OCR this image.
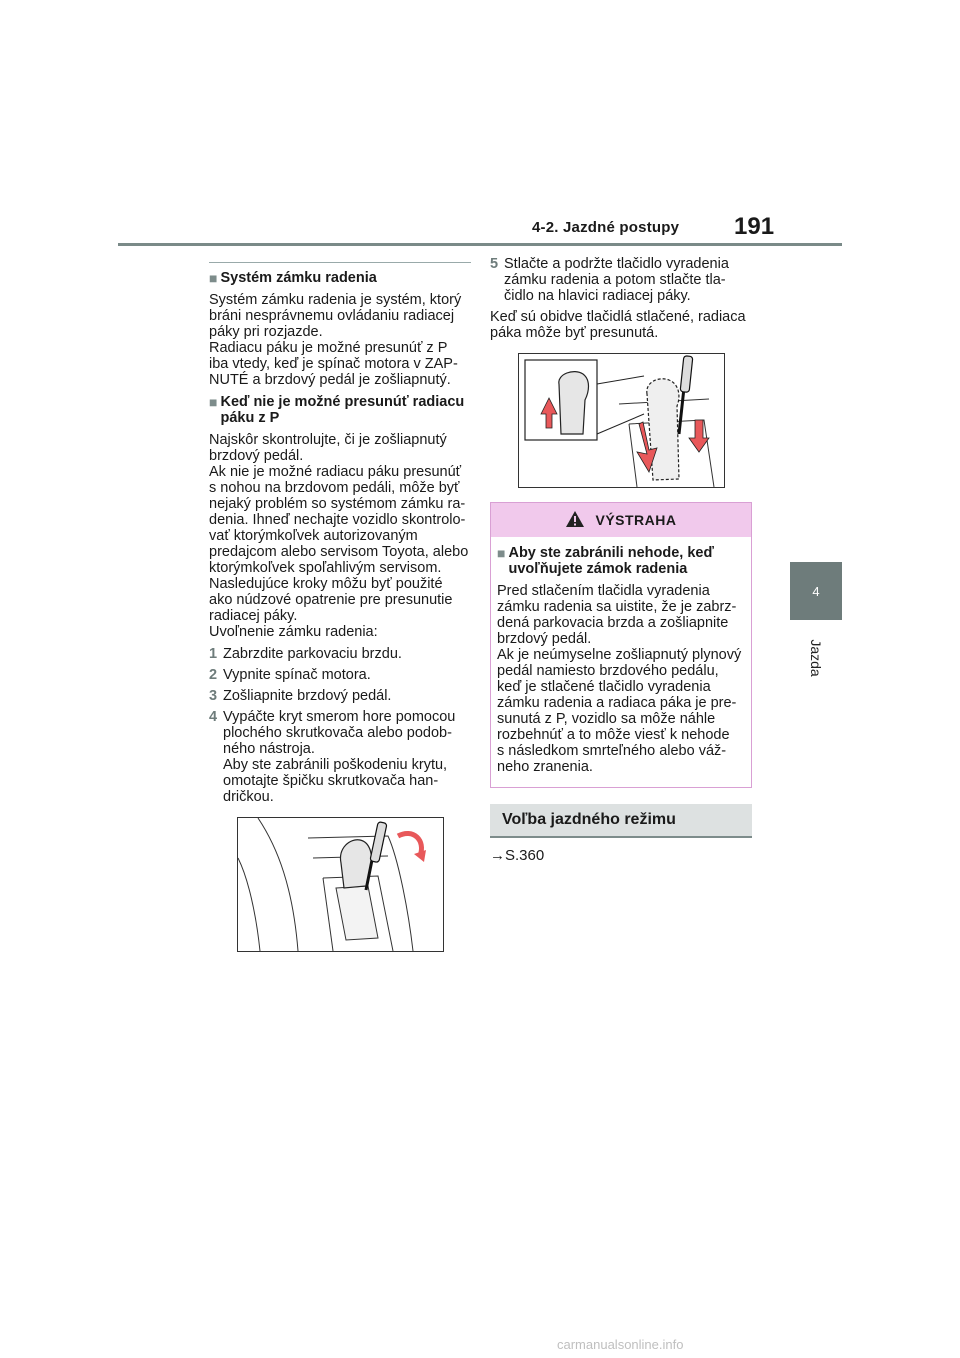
4-2. Jazdné postupy 191
4
Jazda
■ Systém zámku radenia

Systém zámku radenia je systém, ktorý
bráni nesprávnemu ovládaniu radiacej
páky pri rozjazde.
Radiacu páku je možné presunúť z P
iba vtedy, keď je spínač motora v ZAP-
NUTÉ a brzdový pedál je zošliapnutý.

■ Keď nie je možné presunúť radiacu
páku z P

Najskôr skontrolujte, či je zošliapnutý
brzdový pedál.
Ak nie je možné radiacu páku presunúť
s nohou na brzdovom pedáli, môže byť
nejaký problém so systémom zámku ra-
denia. Ihneď nechajte vozidlo skontrolo-
vať ktorýmkoľvek autorizovaným
predajcom alebo servisom Toyota, alebo
ktorýmkoľvek spoľahlivým servisom.
Nasledujúce kroky môžu byť použité
ako núdzové opatrenie pre presunutie
radiacej páky.
Uvoľnenie zámku radenia:

1 Zabrzdite parkovaciu brzdu.
2 Vypnite spínač motora.
3 Zošliapnite brzdový pedál.
4 Vypáčte kryt smerom hore pomocou
plochého skrutkovača alebo podob-
ného nástroja.
Aby ste zabránili poškodeniu krytu,
omotajte špičku skrutkovača han-
dričkou.
5 Stlačte a podržte tlačidlo vyradenia
zámku radenia a potom stlačte tla-
čidlo na hlavici radiacej páky.

Keď sú obidve tlačidlá stlačené, radiaca
páka môže byť presunutá.

VÝSTRAHA
■ Aby ste zabránili nehode, keď
uvoľňujete zámok radenia

Pred stlačením tlačidla vyradenia
zámku radenia sa uistite, že je zabrz-
dená parkovacia brzda a zošliapnite
brzdový pedál.
Ak je neúmyselne zošliapnutý plynový
pedál namiesto brzdového pedálu,
keď je stlačené tlačidlo vyradenia
zámku radenia a radiaca páka je pre-
sunutá z P, vozidlo sa môže náhle
rozbehnúť a to môže viesť k nehode
s následkom smrteľného alebo váž-
neho zranenia.

Voľba jazdného režimu
→S.360
carmanualsonline.info
